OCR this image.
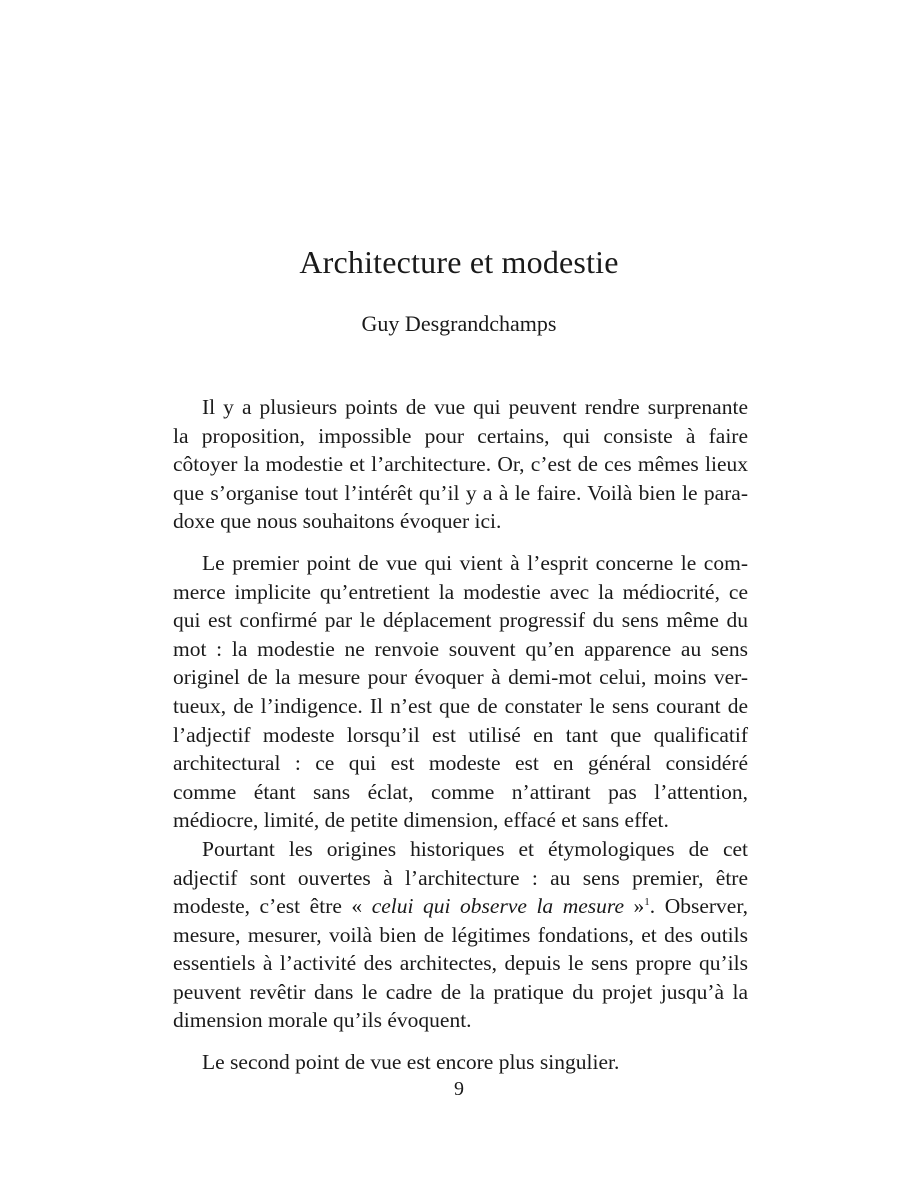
Architecture et modestie
Guy Desgrandchamps

Il y a plusieurs points de vue qui peuvent rendre surprenante
la proposition, impossible pour certains, qui consiste à faire
côtoyer la modestie et l’architecture. Or, c’est de ces mêmes lieux
que s’organise tout l’intérêt qu’il y a à le faire. Voilà bien le para-
doxe que nous souhaitons évoquer ici.

Le premier point de vue qui vient à l’esprit concerne le com-
merce implicite qu’entretient la modestie avec la médiocrité, ce
qui est confirmé par le déplacement progressif du sens même du
mot : la modestie ne renvoie souvent qu’en apparence au sens
originel de la mesure pour évoquer à demi-mot celui, moins ver-
tueux, de l’indigence. Il n’est que de constater le sens courant de
l’adjectif modeste lorsqu’il est utilisé en tant que qualificatif
architectural : ce qui est modeste est en général considéré
comme étant sans éclat, comme n’attirant pas l’attention,
médiocre, limité, de petite dimension, effacé et sans effet.

Pourtant les origines historiques et étymologiques de cet
adjectif sont ouvertes à l’architecture : au sens premier, être
modeste, c’est être « celui qui observe la mesure »$^1$. Observer,
mesure, mesurer, voilà bien de légitimes fondations, et des outils
essentiels à l’activité des architectes, depuis le sens propre qu’ils
peuvent revêtir dans le cadre de la pratique du projet jusqu’à la
dimension morale qu’ils évoquent.

Le second point de vue est encore plus singulier.

9
